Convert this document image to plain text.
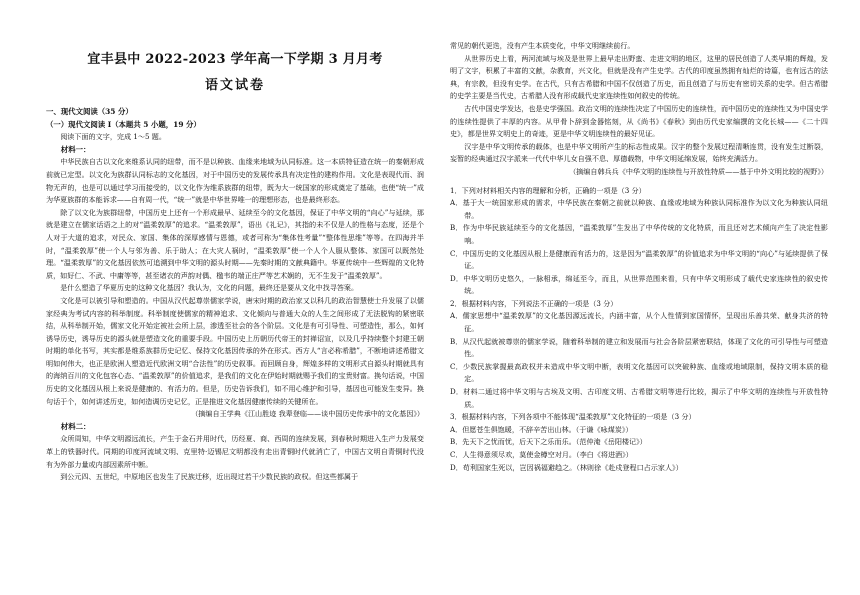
宜丰县中 2022-2023 学年高一下学期 3 月月考

语文试卷

一、现代文阅读（35 分）

（一）现代文阅读 I（本题共 5 小题，19 分）

阅读下面的文字，完成 1～5 题。

材料一：

中华民族自古以文化来维系认同的纽带，而不是以种族、血缘来地域为认同标准。这一本质特征造在统一的秦朝形成前就已定型。以文化为族群认同标志的文化基因，对于中国历史的发展传承具有决定性的建构作用。文化是表现代而、润物无声的，也是可以通过学习而接受的，以文化作为维系族群的纽带，既为大一统国家的形成奠定了基础，也使“统一”成为华夏族群的本能诉求——自有周一代，“统一”就是中华世界唯一的理想形态，也是最终形态。

除了以文化为族群纽带，中国历史上还有一个形成最早、延续至今的文化基因，保证了中华文明的“向心”与延续，那就是建立在儒家话语之上的对“温柔敦厚”的追求。“温柔敦厚”，语出《礼记》，其指的未不仅是人的性格与态度，还是个人对于大道的追求，对民众、家国、集体的深厚感情与恩德，或者可称为“集体性考量”“整体性思维”等等。在四海并半时，“温柔敦厚”使一个人与邻为善、乐于助人；在大灾人祸时，“温柔敦厚”使一个人个人服从整体、家国可以既然处理。“温柔敦厚”的文化基因依然可追溯到中华文明的源头时期——先秦时期的文献典籍中。华夏传统中一些辉煌的文化特质，如好仁、不武、中庸等等，甚至诸衣的声韵对偶、楹韦的端正庄严等艺术娴的，无不生发于“温柔敦厚”。

是什么塑造了华夏历史的这种文化基因？我认为，文化的问题，最终还是要从文化中找寻答案。

文化是可以被引导和塑造的。中国从汉代起尊崇儒家学说，唐宋时期的政治家又以科几的政治智慧使士升发展了以儒家经典为考试内容的科举制度。科举制度使儒家的精神追求、文化倾向与普通大众的人生之间形成了无法脱钩的紧密联结，从科举制开始，儒家文化开始定被社会所上层，渗透至社会的各个阶层。文化是有可引导性、可塑造性，那么，如何诱导历史，诱导历史的源头就是塑造文化的重要手段。中国历史上历朝历代帝王的封禅诏宣，以及几乎持续整个封建王朝时期的单化书写，其实都是维系族群历史记忆、保持文化基因传承的外在形式。西方人“言必称希腊”，不断地讲述希腊文明如何伟大，也正是欧洲人塑造近代欧洲文明“合法性”的历史叙事。而回顾自身，辉煌多样的文明形式自源头时期就具有的海纳百川的文化包容心态、“温柔敦厚”的价值追求，是我们的文化在伊始时期就赐予我们的宝贵财富。换句话说，中国历史的文化基因从根上来说是健康的、有活力的。但是，历史告诉我们，如不用心维护和引导，基因也可能发生变异。换句话于个，如何讲述历史，如何造调历史记忆，正是推进文化基因健康传续的关键所在。

（摘编自王学典《江山胜迹 我辈登临——谈中国历史传承中的文化基因》）

材料二：

众所周知，中华文明源远流长，产生于金石并用时代，历经夏、商、西周的连续发展，到春秋时期进入生产力发展变革上的铁器时代。同期的印度河流域文明、克里特·迈锡尼文明都没有走出青铜时代就消亡了，中国古文明自青铜时代没有为外部力量或内部因素所中断。

到公元四、五世纪，中原地区也发生了民族迁移，近出现过若干少数民族的政权。但这些都属于

常见的朝代更迭，没有产生本质变化，中华文明继续前行。

从世界历史上看，两河流域与埃及是世界上最早走出野蛮、走进文明的地区，这里的居民创造了人类早期的辉煌，发明了文字，积累了丰富的文献，杂教育，兴文化，但就是没有产生史学。古代的印度虽然拥有灿烂的诗篇，也有远古的法典，有宗教，但没有史学。在古代，只有古希腊和中国不仅创造了历史，而且创造了与历史有密切关系的史学。但古希腊的史学主要是当代史，古希腊人没有形成载代史家连续性如何叙史的传统。

古代中国史学发达，也是史学强国。政治文明的连续性决定了中国历史的连续性，而中国历史的连续性又为中国史学的连续性提供了丰厚的内容。从甲骨卜辞到金器铭刻，从《尚书》《春秋》到由历代史家编撰的文化长城——《二十四史》，都是世界文明史上的奇迹，更是中华文明连续性的最好见证。

汉字是中华文明传承的载体，也是中华文明所产生的标志性成果。汉字的整个发展过程清晰连贯，没有发生过断裂，妄暂的经典通过汉字派来一代代中华儿女自强不息、厚德载物，中华文明延绵发展，始终充满活力。

（摘编自韩兵兵《中华文明的连续性与开放性特质——基于中外文明比较的视野》）

1．下列对材料相关内容的理解和分析，正确的一项是（3 分）

A．基于大一统国家形成的需求，中华民族在秦朝之前就以种族、血缘或地域为种族认同标准作为以文化为种族认同纽带。

B．作为中华民族延续至今的文化基因，“温柔敦厚”生发出了中华传统的文化特质，而且还对艺术倾向产生了决定性影响。

C．中国历史的文化基因从根上是健康而有活力的，这是因为“温柔敦厚”的价值追求为中华文明的“向心”与延续提供了保证。

D．中华文明历史悠久，一脉相承，绵延至今，而且，从世界范围来看，只有中华文明形成了载代史家连续性的叙史传统。

2．根据材料内容，下列说法不正确的一项是（3 分）

A．儒家思想中“温柔敦厚”的文化基因源远流长，内涵丰富，从个人性情到家国情怀，呈现出乐善共荣、献身共济的特征。

B．从汉代起就被尊崇的儒家学说，随着科举制的建立和发展而与社会各阶层紧密联结，体现了文化的可引导性与可塑造性。

C．少数民族掌握最高政权并未造成中华文明中断，表明文化基因可以突破种族、血缘或地域限制，保持文明本质的稳定。

D．材料二通过将中华文明与古埃及文明、古印度文明、古希腊文明等进行比较，揭示了中华文明的连续性与开放性特质。

3．根据材料内容，下列各项中不能体现“温柔敦厚”文化特征的一项是（3 分）

A．但愿苍生俱饱暖，不辞辛苦出山林。（于谦《咏煤炭》）

B．先天下之忧而忧，后天下之乐而乐。（范仲淹《岳阳楼记》）

C．人生得意须尽欢，莫使金樽空对月。（李白《将进酒》）

D．苟利国家生死以，岂因祸福避趋之。（林则徐《赴戍登程口占示家人》）
